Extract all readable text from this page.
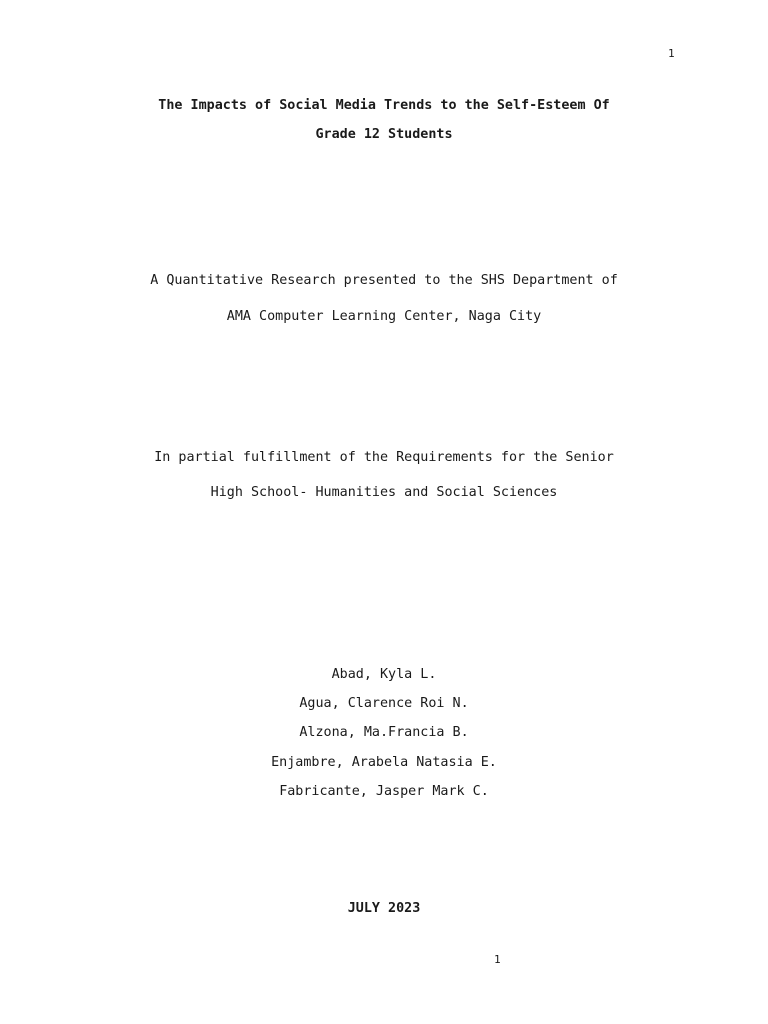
1
The Impacts of Social Media Trends to the Self-Esteem Of
Grade 12 Students
A Quantitative Research presented to the SHS Department of
AMA Computer Learning Center, Naga City
In partial fulfillment of the Requirements for the Senior
High School- Humanities and Social Sciences
Abad, Kyla L.
Agua, Clarence Roi N.
Alzona, Ma.Francia B.
Enjambre, Arabela Natasia E.
Fabricante, Jasper Mark C.
JULY 2023
1
